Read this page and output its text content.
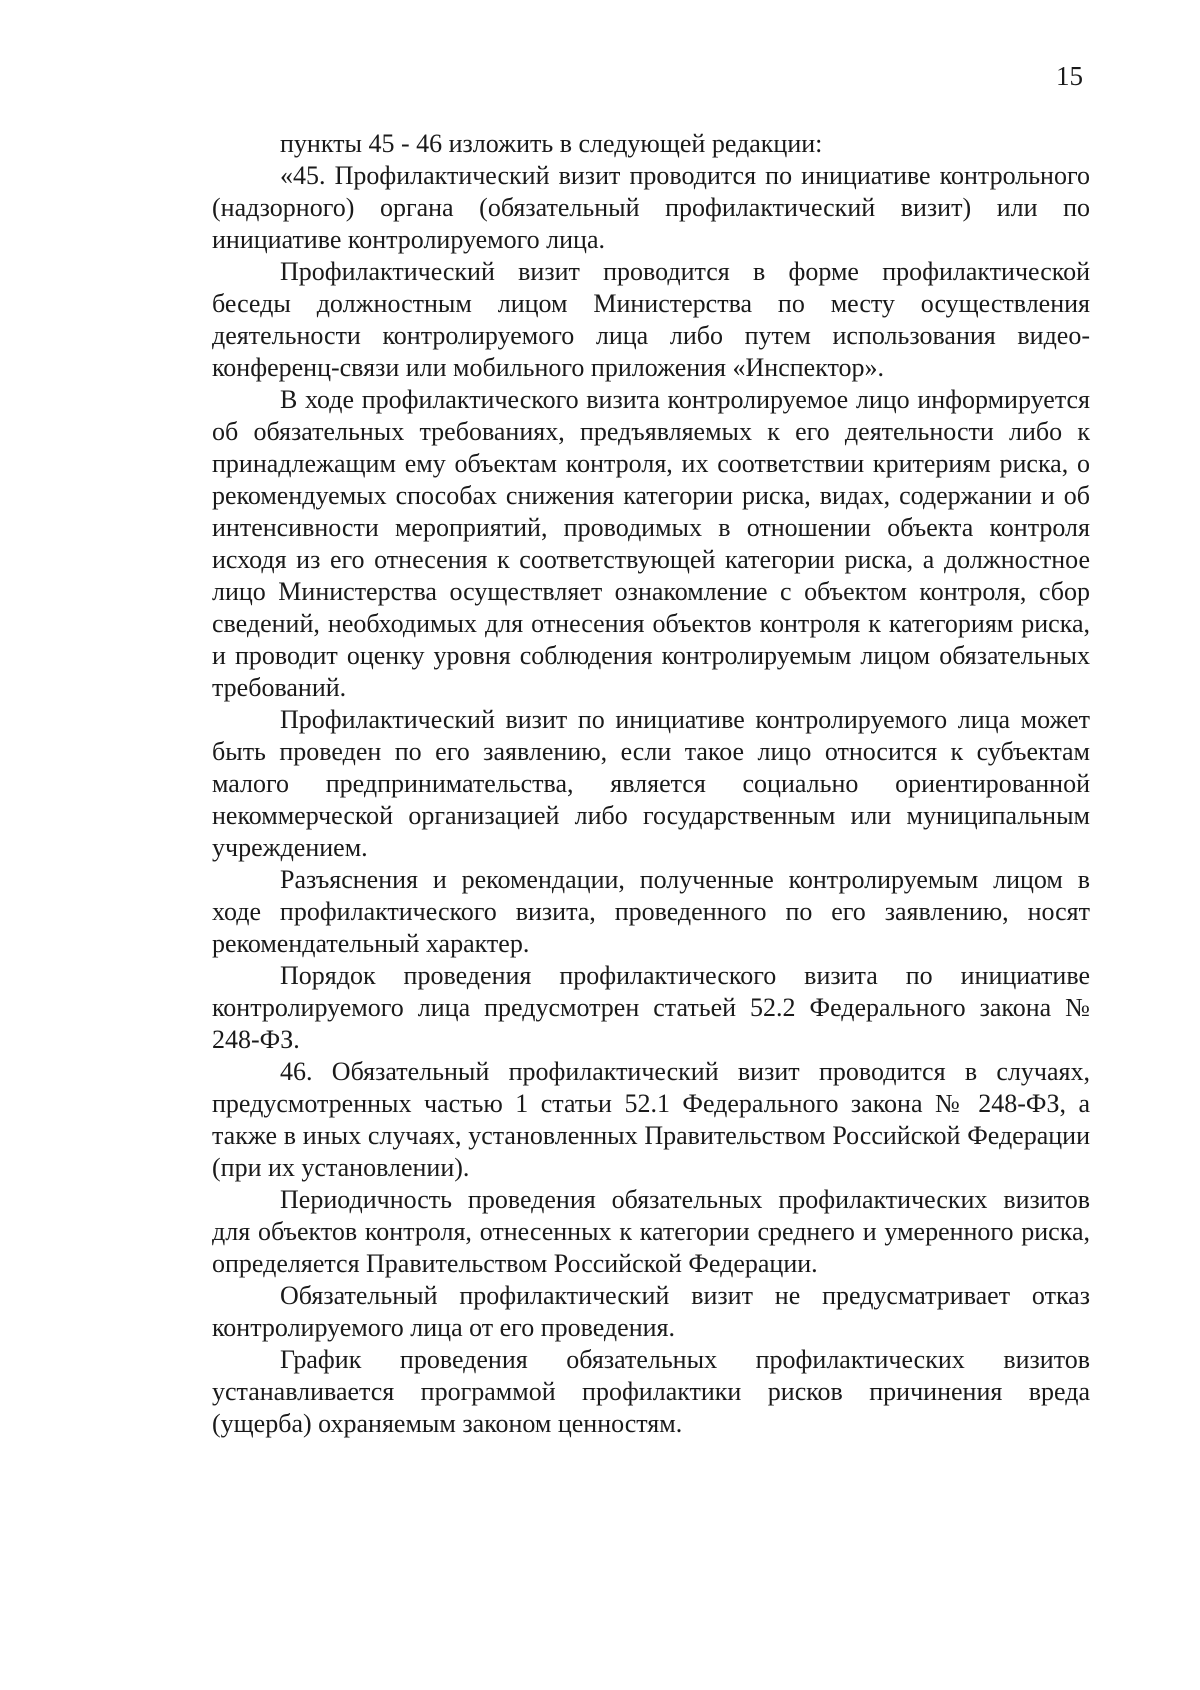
15

пункты 45 - 46 изложить в следующей редакции:

«45. Профилактический визит проводится по инициативе контрольного (надзорного) органа (обязательный профилактический визит) или по инициативе контролируемого лица.

Профилактический визит проводится в форме профилактической беседы должностным лицом Министерства по месту осуществления деятельности контролируемого лица либо путем использования видео-конференц-связи или мобильного приложения «Инспектор».

В ходе профилактического визита контролируемое лицо информируется об обязательных требованиях, предъявляемых к его деятельности либо к принадлежащим ему объектам контроля, их соответствии критериям риска, о рекомендуемых способах снижения категории риска, видах, содержании и об интенсивности мероприятий, проводимых в отношении объекта контроля исходя из его отнесения к соответствующей категории риска, а должностное лицо Министерства осуществляет ознакомление с объектом контроля, сбор сведений, необходимых для отнесения объектов контроля к категориям риска, и проводит оценку уровня соблюдения контролируемым лицом обязательных требований.

Профилактический визит по инициативе контролируемого лица может быть проведен по его заявлению, если такое лицо относится к субъектам малого предпринимательства, является социально ориентированной некоммерческой организацией либо государственным или муниципальным учреждением.

Разъяснения и рекомендации, полученные контролируемым лицом в ходе профилактического визита, проведенного по его заявлению, носят рекомендательный характер.

Порядок проведения профилактического визита по инициативе контролируемого лица предусмотрен статьей 52.2 Федерального закона № 248-ФЗ.

46. Обязательный профилактический визит проводится в случаях, предусмотренных частью 1 статьи 52.1 Федерального закона № 248-ФЗ, а также в иных случаях, установленных Правительством Российской Федерации (при их установлении).

Периодичность проведения обязательных профилактических визитов для объектов контроля, отнесенных к категории среднего и умеренного риска, определяется Правительством Российской Федерации.

Обязательный профилактический визит не предусматривает отказ контролируемого лица от его проведения.

График проведения обязательных профилактических визитов устанавливается программой профилактики рисков причинения вреда (ущерба) охраняемым законом ценностям.
